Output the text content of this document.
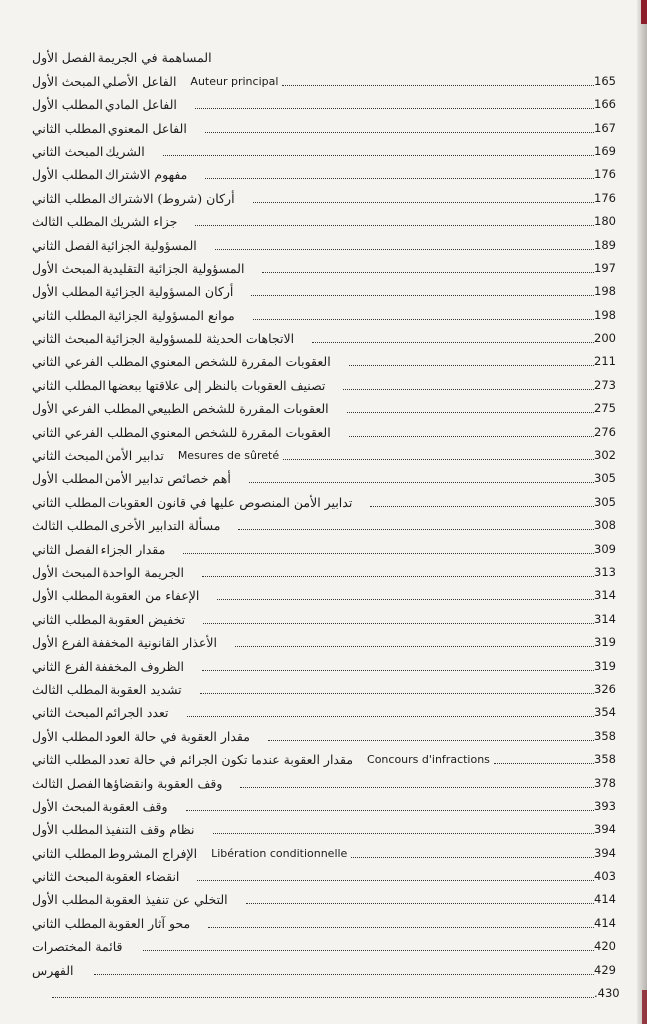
الفصل الأول المساهمة في الجريمة
المبحث الأول الفاعل الأصلي	Auteur principal	165
المطلب الأول الفاعل المادي	166
المطلب الثاني الفاعل المعنوي	167
المبحث الثاني الشريك	169
المطلب الأول مفهوم الاشتراك	176
المطلب الثاني أركان (شروط) الاشتراك	176
المطلب الثالث جزاء الشريك	180
الفصل الثاني المسؤولية الجزائية	189
المبحث الأول المسؤولية الجزائية التقليدية	197
المطلب الأول أركان المسؤولية الجزائية	198
المطلب الثاني موانع المسؤولية الجزائية	198
المبحث الثاني الاتجاهات الحديثة للمسؤولية الجزائية	200
المطلب الفرعي الثاني العقوبات المقررة للشخص المعنوي	211
المطلب الثاني تصنيف العقوبات بالنظر إلى علاقتها ببعضها	273
المطلب الفرعي الأول العقوبات المقررة للشخص الطبيعي	275
المطلب الفرعي الثاني العقوبات المقررة للشخص المعنوي	276
المبحث الثاني تدابير الأمن	Mesures de sûreté	302
المطلب الأول أهم خصائص تدابير الأمن	305
المطلب الثاني تدابير الأمن المنصوص عليها في قانون العقوبات	305
المطلب الثالث مسألة التدابير الأخرى	308
الفصل الثاني مقدار الجزاء	309
المبحث الأول الجريمة الواحدة	313
المطلب الأول الإعفاء من العقوبة	314
المطلب الثاني تخفيض العقوبة	314
الفرع الأول الأعذار القانونية المخففة	319
الفرع الثاني الظروف المخففة	319
المطلب الثالث تشديد العقوبة	326
المبحث الثاني تعدد الجرائم	354
المطلب الأول مقدار العقوبة في حالة العود	358
المطلب الثاني مقدار العقوبة عندما تكون الجرائم في حالة تعدد	Concours d'infractions	358
الفصل الثالث وقف العقوبة وانقضاؤها	378
المبحث الأول وقف العقوبة	393
المطلب الأول نظام وقف التنفيذ	394
المطلب الثاني الإفراج المشروط	Libération conditionnelle	394
المبحث الثاني انقضاء العقوبة	403
المطلب الأول التخلي عن تنفيذ العقوبة	414
المطلب الثاني محو آثار العقوبة	414
قائمة المختصرات	420
الفهرس	429
.430
